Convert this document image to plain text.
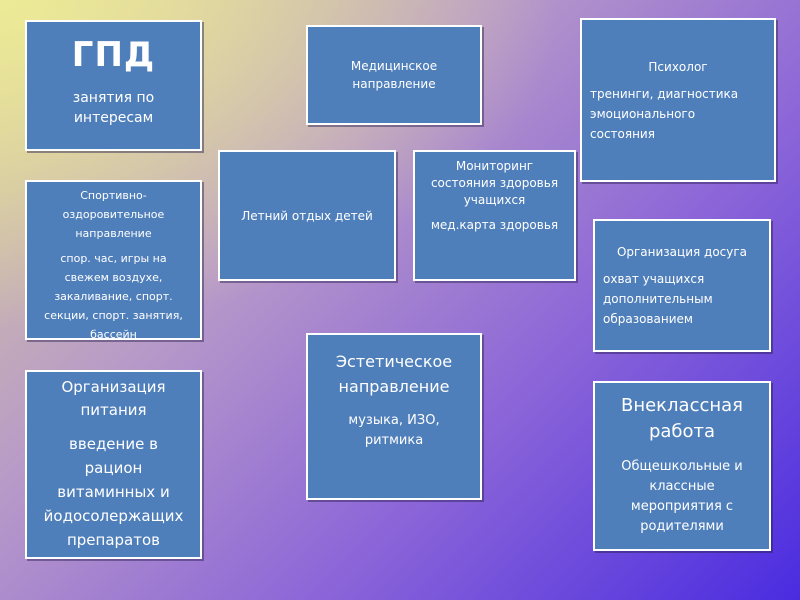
ГПД
занятия по
интересам
Медицинское
направление
Психолог
тренинги, диагностика
эмоционального
состояния
Спортивно-
оздоровительное
направление
спор. час, игры на
свежем воздухе,
закаливание, спорт.
секции, спорт. занятия,
бассейн
Летний отдых детей
Мониторинг
состояния здоровья
учащихся
мед.карта здоровья
Организация досуга
охват учащихся
дополнительным
образованием
Организация
питания
введение в
рацион
витаминных и
йодосолержащих
препаратов
Эстетическое
направление
музыка, ИЗО,
ритмика
Внеклассная
работа
Общешкольные и
классные
мероприятия с
родителями
